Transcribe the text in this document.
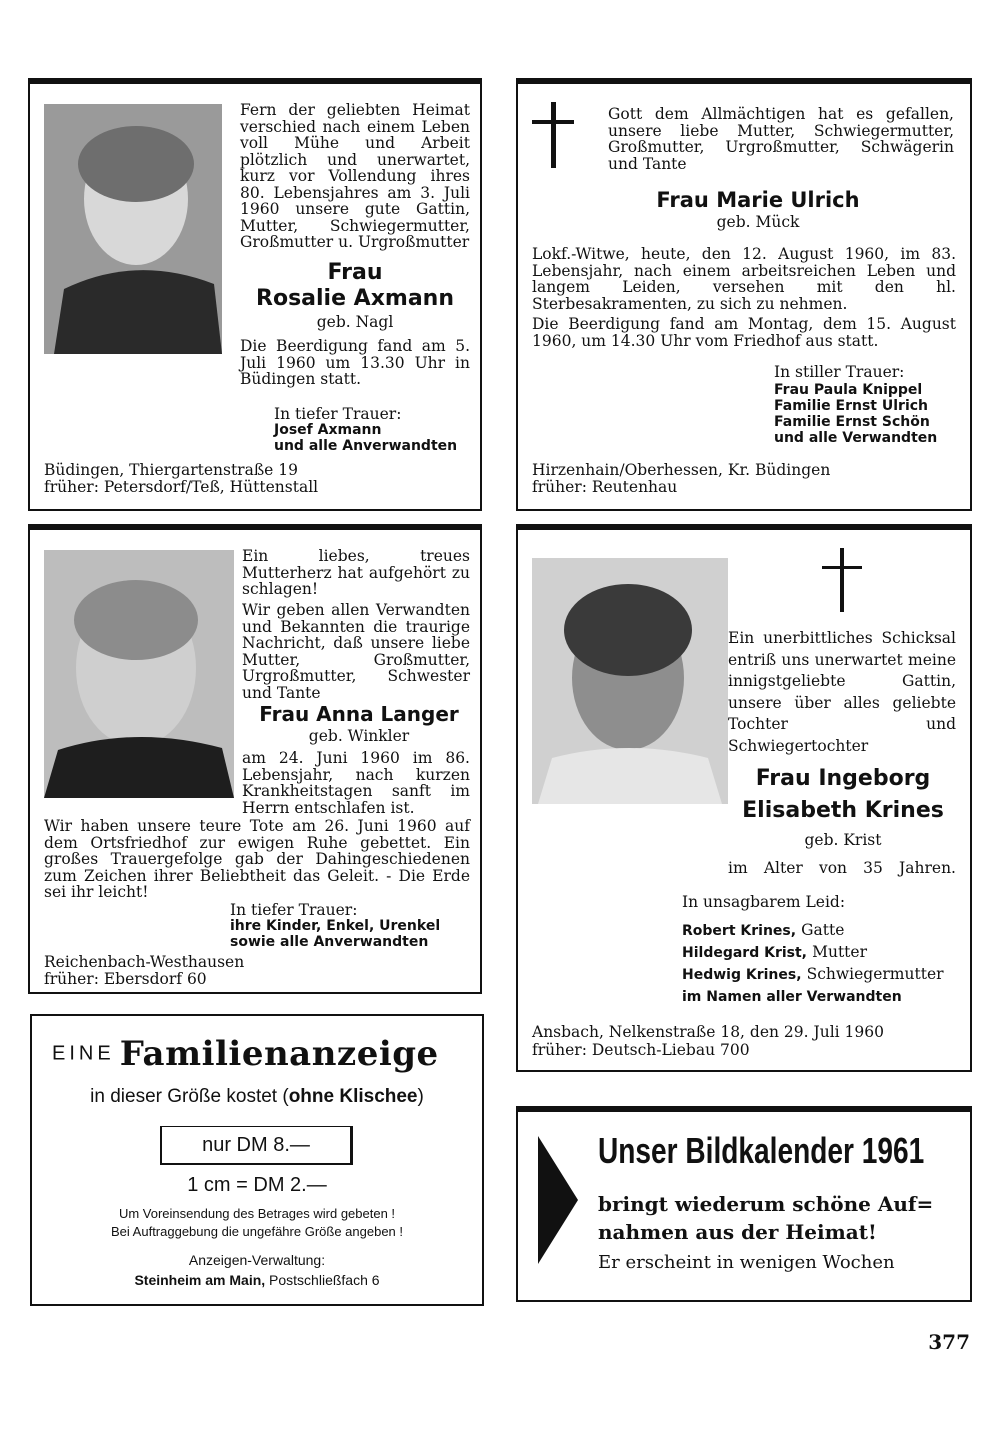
Fern der geliebten Heimat verschied nach einem Leben voll Mühe und Arbeit plötzlich und unerwartet, kurz vor Vollendung ihres 80. Lebensjahres am 3. Juli 1960 unsere gute Gattin, Mutter, Schwiegermutter, Großmutter u. Urgroßmutter
Frau
Rosalie Axmann
geb. Nagl
Die Beerdigung fand am 5. Juli 1960 um 13.30 Uhr in Büdingen statt.
In tiefer Trauer:
Josef Axmann
und alle Anverwandten
Büdingen, Thiergartenstraße 19
früher: Petersdorf/Teß, Hüttenstall
Gott dem Allmächtigen hat es gefallen, unsere liebe Mutter, Schwiegermutter, Großmutter, Urgroßmutter, Schwägerin und Tante
Frau Marie Ulrich
geb. Mück
Lokf.-Witwe, heute, den 12. August 1960, im 83. Lebensjahr, nach einem arbeitsreichen Leben und langem Leiden, versehen mit den hl. Sterbesakramenten, zu sich zu nehmen.
Die Beerdigung fand am Montag, dem 15. August 1960, um 14.30 Uhr vom Friedhof aus statt.
In stiller Trauer:
Frau Paula Knippel
Familie Ernst Ulrich
Familie Ernst Schön
und alle Verwandten
Hirzenhain/Oberhessen, Kr. Büdingen
früher: Reutenhau
Ein liebes, treues Mutterherz hat aufgehört zu schlagen!
Wir geben allen Verwandten und Bekannten die traurige Nachricht, daß unsere liebe Mutter, Großmutter, Urgroßmutter, Schwester und Tante
Frau Anna Langer
geb. Winkler
am 24. Juni 1960 im 86. Lebensjahr, nach kurzen Krankheitstagen sanft im Herrn entschlafen ist.
Wir haben unsere teure Tote am 26. Juni 1960 auf dem Ortsfriedhof zur ewigen Ruhe gebettet. Ein großes Trauergefolge gab der Dahingeschiedenen zum Zeichen ihrer Beliebtheit das Geleit. - Die Erde sei ihr leicht!
In tiefer Trauer:
ihre Kinder, Enkel, Urenkel
sowie alle Anverwandten
Reichenbach-Westhausen
früher: Ebersdorf 60
Ein unerbittliches Schicksal entriß uns unerwartet meine innigstgeliebte Gattin, unsere über alles geliebte Tochter und Schwiegertochter
Frau Ingeborg
Elisabeth Krines
geb. Krist
im Alter von 35 Jahren.
In unsagbarem Leid:
Robert Krines, Gatte
Hildegard Krist, Mutter
Hedwig Krines, Schwiegermutter
im Namen aller Verwandten
Ansbach, Nelkenstraße 18, den 29. Juli 1960
früher: Deutsch-Liebau 700
EINE Familienanzeige
in dieser Größe kostet (ohne Klischee)
nur DM 8.—
1 cm = DM 2.—
Um Voreinsendung des Betrages wird gebeten !
Bei Auftraggebung die ungefähre Größe angeben !
Anzeigen-Verwaltung:
Steinheim am Main, Postschließfach 6
Unser Bildkalender 1961
bringt wiederum schöne Auf=
nahmen aus der Heimat!
Er erscheint in wenigen Wochen
377
